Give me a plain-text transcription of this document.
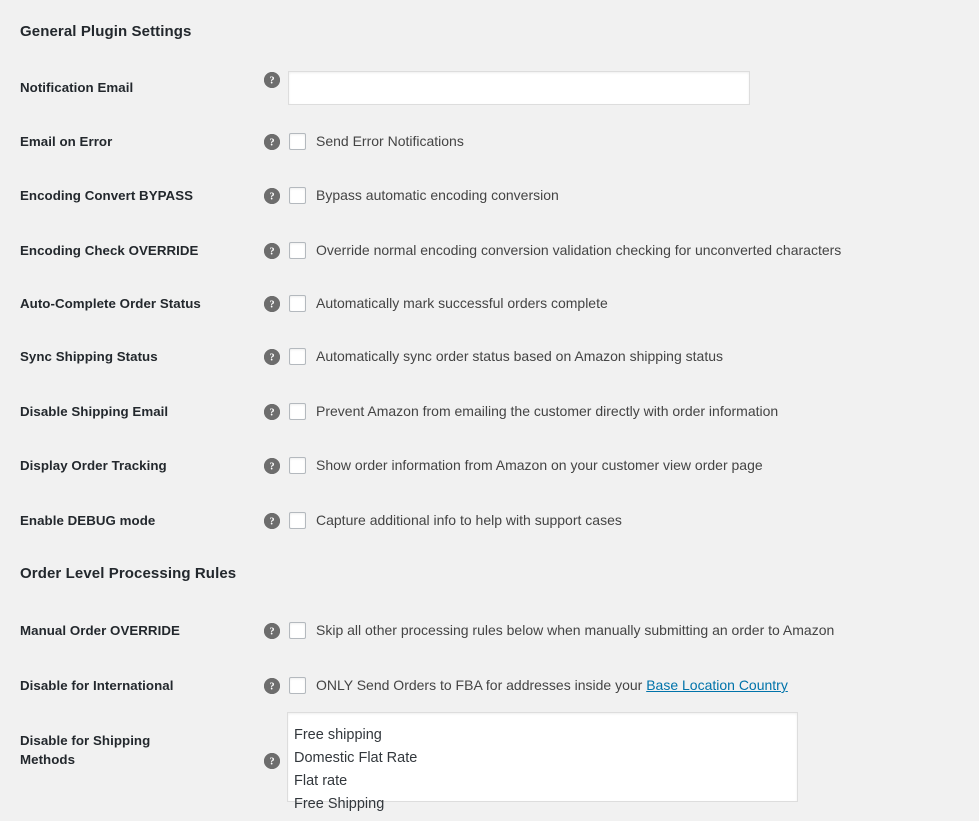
General Plugin Settings
Notification Email	?
Email on Error	?	Send Error Notifications
Encoding Convert BYPASS	?	Bypass automatic encoding conversion
Encoding Check OVERRIDE	?	Override normal encoding conversion validation checking for unconverted characters
Auto-Complete Order Status	?	Automatically mark successful orders complete
Sync Shipping Status	?	Automatically sync order status based on Amazon shipping status
Disable Shipping Email	?	Prevent Amazon from emailing the customer directly with order information
Display Order Tracking	?	Show order information from Amazon on your customer view order page
Enable DEBUG mode	?	Capture additional info to help with support cases
Order Level Processing Rules
Manual Order OVERRIDE	?	Skip all other processing rules below when manually submitting an order to Amazon
Disable for International	?	ONLY Send Orders to FBA for addresses inside your Base Location Country
Disable for Shipping
Methods	?

Free shipping
Domestic Flat Rate
Flat rate
Free Shipping
